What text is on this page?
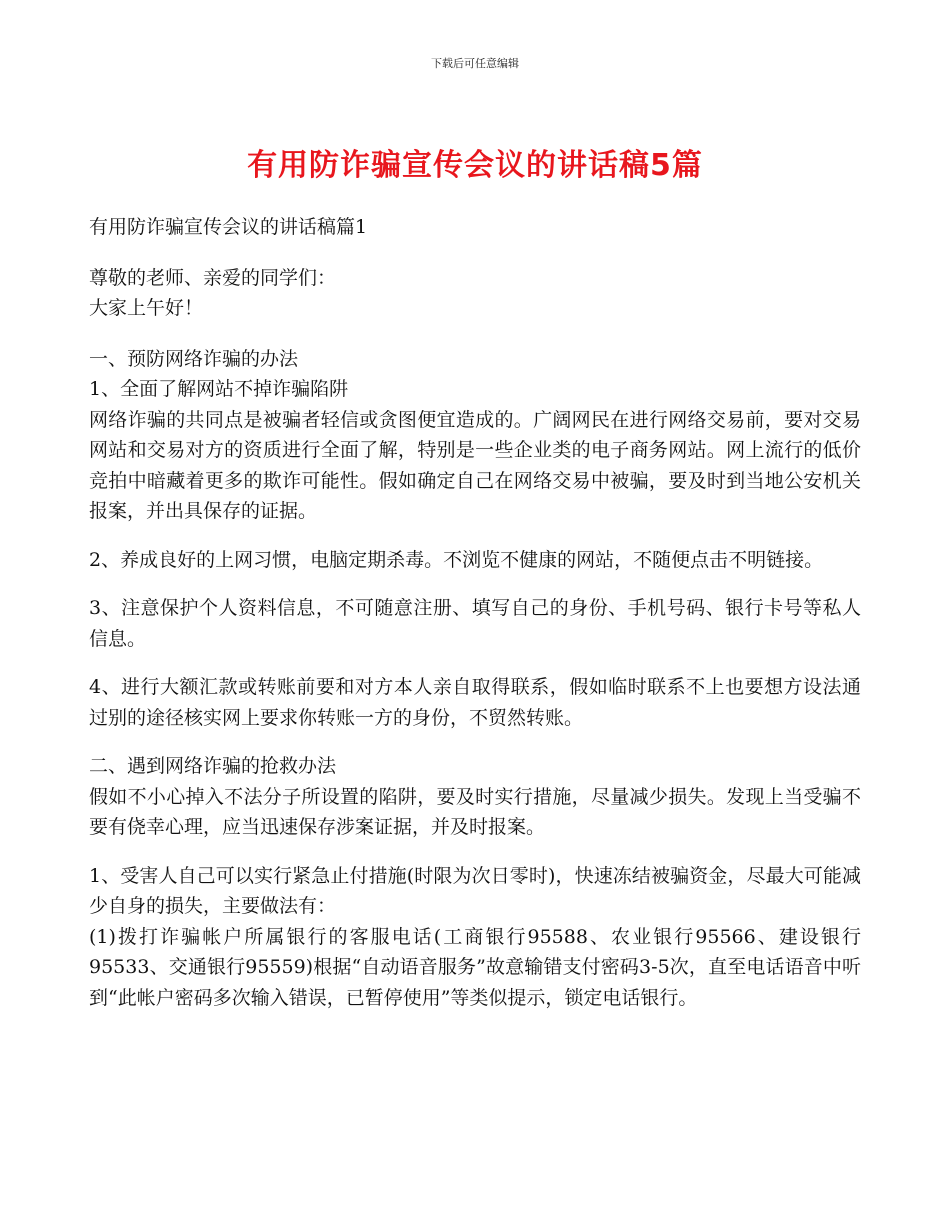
下载后可任意编辑
有用防诈骗宣传会议的讲话稿5篇

有用防诈骗宣传会议的讲话稿篇1

尊敬的老师、亲爱的同学们：

大家上午好！

一、预防网络诈骗的办法

1、全面了解网站不掉诈骗陷阱

网络诈骗的共同点是被骗者轻信或贪图便宜造成的。广阔网民在进行网络交易前，要对交易网站和交易对方的资质进行全面了解，特别是一些企业类的电子商务网站。网上流行的低价竞拍中暗藏着更多的欺诈可能性。假如确定自己在网络交易中被骗，要及时到当地公安机关报案，并出具保存的证据。

2、养成良好的上网习惯，电脑定期杀毒。不浏览不健康的网站，不随便点击不明链接。

3、注意保护个人资料信息，不可随意注册、填写自己的身份、手机号码、银行卡号等私人信息。

4、进行大额汇款或转账前要和对方本人亲自取得联系，假如临时联系不上也要想方设法通过别的途径核实网上要求你转账一方的身份，不贸然转账。

二、遇到网络诈骗的抢救办法

假如不小心掉入不法分子所设置的陷阱，要及时实行措施，尽量减少损失。发现上当受骗不要有侥幸心理，应当迅速保存涉案证据，并及时报案。

1、受害人自己可以实行紧急止付措施(时限为次日零时)，快速冻结被骗资金，尽最大可能减少自身的损失，主要做法有：

(1)拨打诈骗帐户所属银行的客服电话(工商银行95588、农业银行95566、建设银行95533、交通银行95559)根据“自动语音服务”故意输错支付密码3-5次，直至电话语音中听到“此帐户密码多次输入错误，已暂停使用”等类似提示，锁定电话银行。
